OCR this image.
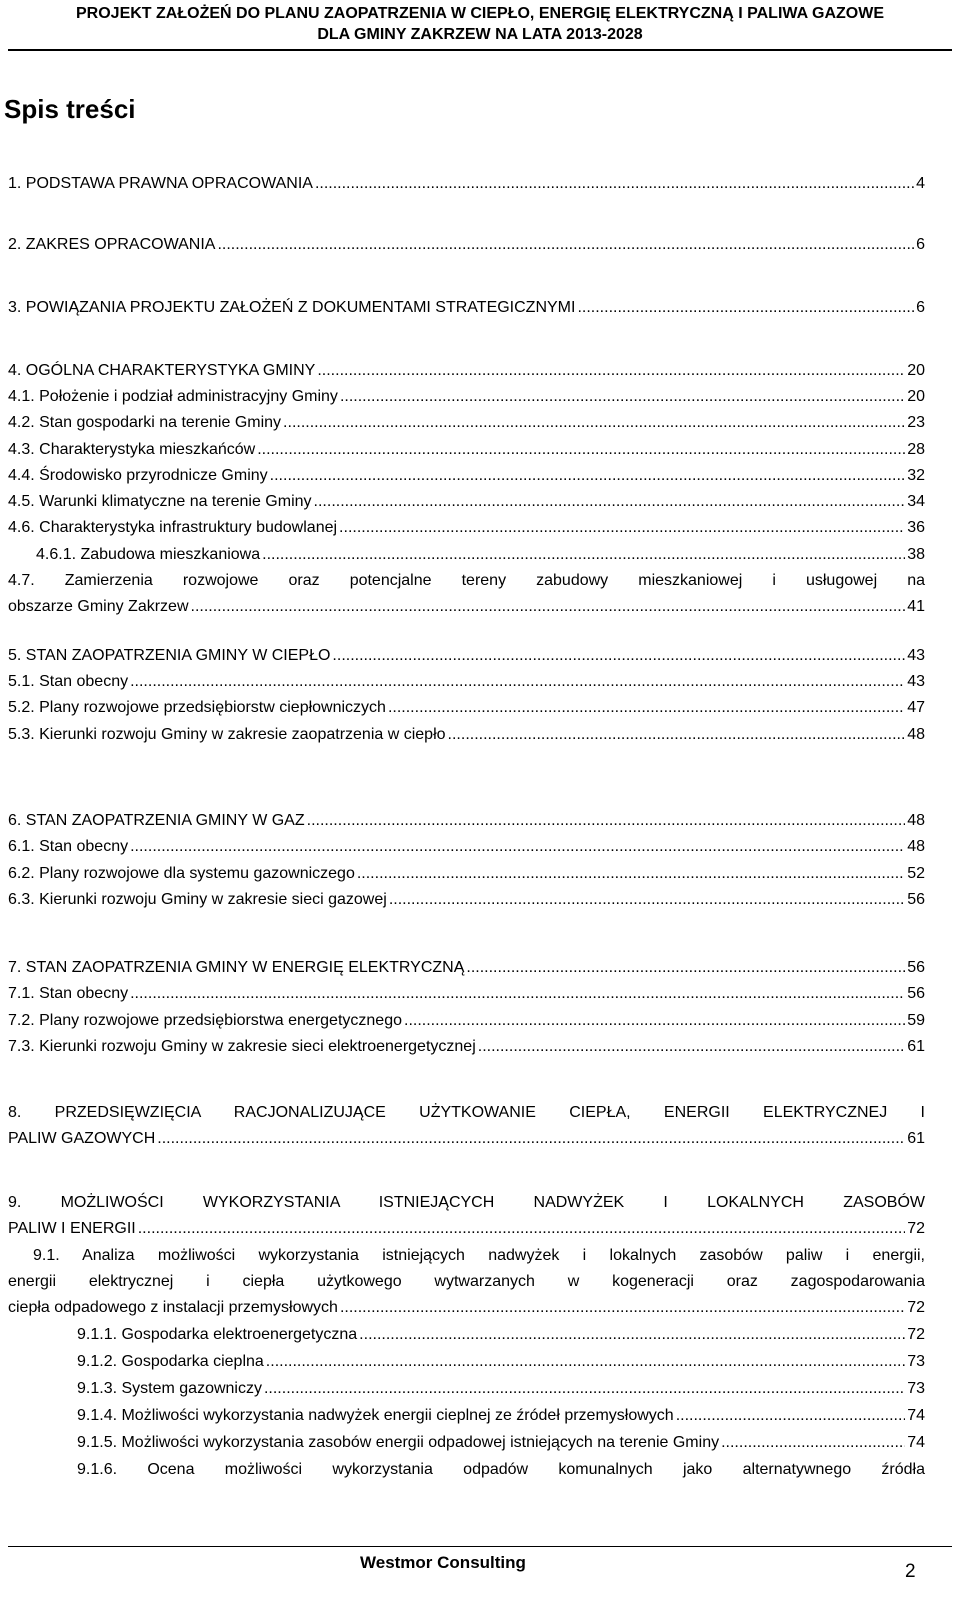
PROJEKT ZAŁOŻEŃ DO PLANU ZAOPATRZENIA W CIEPŁO, ENERGIĘ ELEKTRYCZNĄ I PALIWA GAZOWE
DLA GMINY ZAKRZEW NA LATA 2013-2028
Spis treści
1. PODSTAWA PRAWNA OPRACOWANIA .....	4
2. ZAKRES OPRACOWANIA .....	6
3. POWIĄZANIA PROJEKTU ZAŁOŻEŃ Z DOKUMENTAMI STRATEGICZNYMI .....	6
4. OGÓLNA CHARAKTERYSTYKA GMINY .....	20
4.1. Położenie i podział administracyjny Gminy .....	20
4.2. Stan gospodarki na terenie Gminy .....	23
4.3. Charakterystyka mieszkańców .....	28
4.4. Środowisko przyrodnicze Gminy .....	32
4.5. Warunki klimatyczne na terenie Gminy .....	34
4.6. Charakterystyka infrastruktury budowlanej .....	36
4.6.1. Zabudowa mieszkaniowa .....	38
4.7. Zamierzenia rozwojowe oraz potencjalne tereny zabudowy mieszkaniowej i usługowej na
obszarze Gminy Zakrzew .....	41
5. STAN ZAOPATRZENIA GMINY W CIEPŁO .....	43
5.1. Stan obecny .....	43
5.2. Plany rozwojowe przedsiębiorstw ciepłowniczych .....	47
5.3. Kierunki rozwoju Gminy w zakresie zaopatrzenia w ciepło .....	48
6. STAN ZAOPATRZENIA GMINY W GAZ .....	48
6.1. Stan obecny .....	48
6.2. Plany rozwojowe dla systemu gazowniczego .....	52
6.3. Kierunki rozwoju Gminy w zakresie sieci gazowej .....	56
7. STAN ZAOPATRZENIA GMINY W ENERGIĘ ELEKTRYCZNĄ .....	56
7.1. Stan obecny .....	56
7.2. Plany rozwojowe przedsiębiorstwa energetycznego .....	59
7.3. Kierunki rozwoju Gminy w zakresie sieci elektroenergetycznej .....	61
8. PRZEDSIĘWZIĘCIA RACJONALIZUJĄCE UŻYTKOWANIE CIEPŁA, ENERGII ELEKTRYCZNEJ I
PALIW GAZOWYCH .....	61
9. MOŻLIWOŚCI WYKORZYSTANIA ISTNIEJĄCYCH NADWYŻEK I LOKALNYCH ZASOBÓW
PALIW I ENERGII .....	72
9.1. Analiza możliwości wykorzystania istniejących nadwyżek i lokalnych zasobów paliw i energii,
energii elektrycznej i ciepła użytkowego wytwarzanych w kogeneracji oraz zagospodarowania
ciepła odpadowego z instalacji przemysłowych .....	72
9.1.1. Gospodarka elektroenergetyczna .....	72
9.1.2. Gospodarka cieplna .....	73
9.1.3. System gazowniczy .....	73
9.1.4. Możliwości wykorzystania nadwyżek energii cieplnej ze źródeł przemysłowych .....	74
9.1.5. Możliwości wykorzystania zasobów energii odpadowej istniejących na terenie Gminy .....	74
9.1.6. Ocena możliwości wykorzystania odpadów komunalnych jako alternatywnego źródła
Westmor Consulting	2
